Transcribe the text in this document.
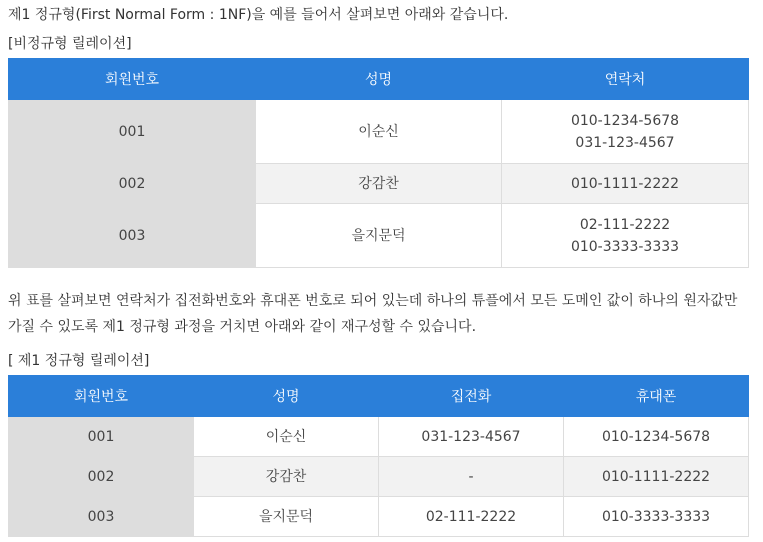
제1 정규형(First Normal Form : 1NF)을 예를 들어서 살펴보면 아래와 같습니다.
[비정규형 릴레이션]
회원번호	성명	연락처
001	이순신	010-1234-5678
031-123-4567

002	강감찬	010-1111-2222

003	을지문덕	02-111-2222
010-3333-3333
위 표를 살펴보면 연락처가 집전화번호와 휴대폰 번호로 되어 있는데 하나의 튜플에서 모든 도메인 값이 하나의 원자값만 가질 수 있도록 제1 정규형 과정을 거치면 아래와 같이 재구성할 수 있습니다.
[ 제1 정규형 릴레이션]
회원번호	성명	집전화	휴대폰
001	이순신	031-123-4567	010-1234-5678
002	강감찬	-	010-1111-2222
003	을지문덕	02-111-2222	010-3333-3333
